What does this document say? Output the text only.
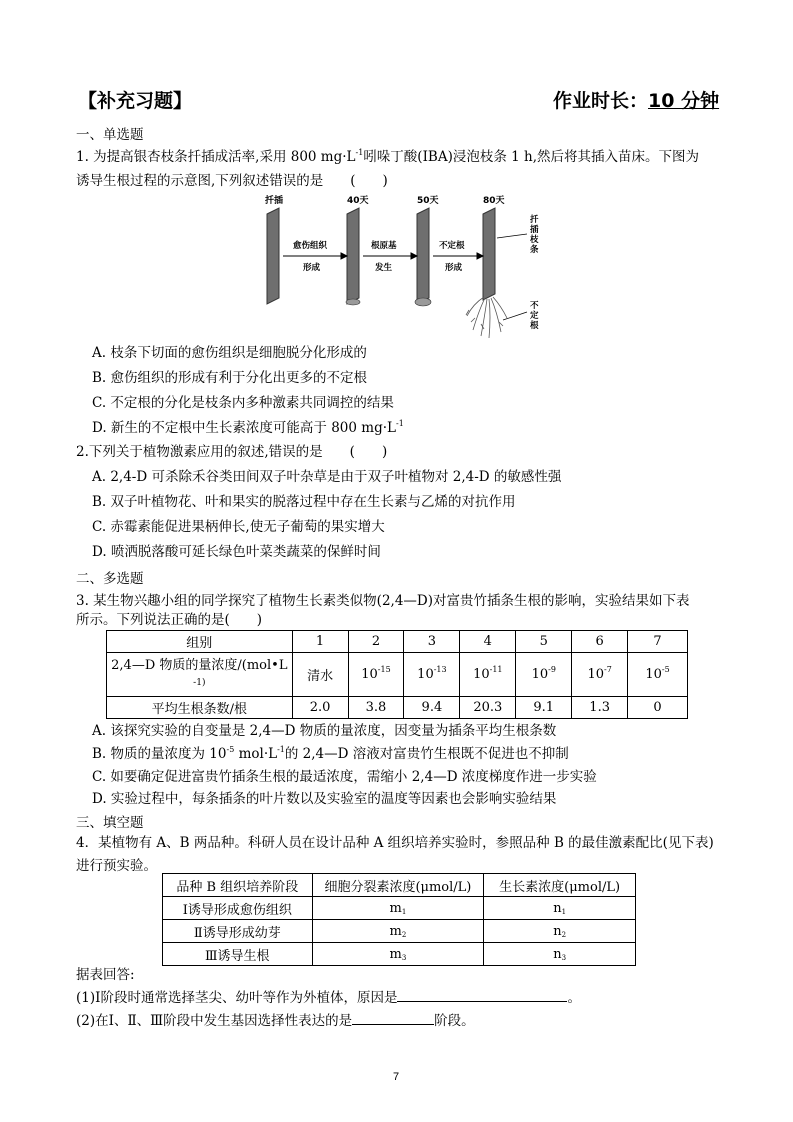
【补充习题】	作业时长：10 分钟
一、单选题
1. 为提高银杏枝条扦插成活率,采用 800 $mg\cdot L^{-1}$吲哚丁酸(IBA)浸泡枝条 1 h,然后将其插入苗床。下图为
诱导生根过程的示意图,下列叙述错误的是　　(　　)
扦插	40天	50天	80天
愈伤组织
形成
根原基
发生
不定根
形成
扦
插
枝
条
不
定
根
A. 枝条下切面的愈伤组织是细胞脱分化形成的
B. 愈伤组织的形成有利于分化出更多的不定根
C. 不定根的分化是枝条内多种激素共同调控的结果
D. 新生的不定根中生长素浓度可能高于 800 $mg\cdot L^{-1}$
2.下列关于植物激素应用的叙述,错误的是　　(　　)
A. 2,4-D 可杀除禾谷类田间双子叶杂草是由于双子叶植物对 2,4-D 的敏感性强
B. 双子叶植物花、叶和果实的脱落过程中存在生长素与乙烯的对抗作用
C. 赤霉素能促进果柄伸长,使无子葡萄的果实增大
D. 喷洒脱落酸可延长绿色叶菜类蔬菜的保鲜时间
二、多选题
3. 某生物兴趣小组的同学探究了植物生长素类似物(2,4—D)对富贵竹插条生根的影响，实验结果如下表
所示。下列说法正确的是(　　)
组别	1	2	3	4	5	6	7
2,4—D 物质的量浓度/(mol•L
-1)	清水	$10^{-15}$	$10^{-13}$	$10^{-11}$	$10^{-9}$	$10^{-7}$	$10^{-5}$
平均生根条数/根	2.0	3.8	9.4	20.3	9.1	1.3	0
A. 该探究实验的自变量是 2,4—D 物质的量浓度，因变量为插条平均生根条数
B. 物质的量浓度为 $10^{-5}$ $mol\cdot L^{-1}$的 2,4—D 溶液对富贵竹生根既不促进也不抑制
C. 如要确定促进富贵竹插条生根的最适浓度，需缩小 2,4—D 浓度梯度作进一步实验
D. 实验过程中，每条插条的叶片数以及实验室的温度等因素也会影响实验结果
三、填空题
4．某植物有 A、B 两品种。科研人员在设计品种 A 组织培养实验时，参照品种 B 的最佳激素配比(见下表)
进行预实验。
品种 B 组织培养阶段	细胞分裂素浓度(μmol/L)	生长素浓度(μmol/L)
Ⅰ诱导形成愈伤组织	$m_1$	$n_1$
Ⅱ诱导形成幼芽	$m_2$	$n_2$
Ⅲ诱导生根	$m_3$	$n_3$
据表回答:
(1)Ⅰ阶段时通常选择茎尖、幼叶等作为外植体，原因是	。
(2)在Ⅰ、Ⅱ、Ⅲ阶段中发生基因选择性表达的是	阶段。
7
